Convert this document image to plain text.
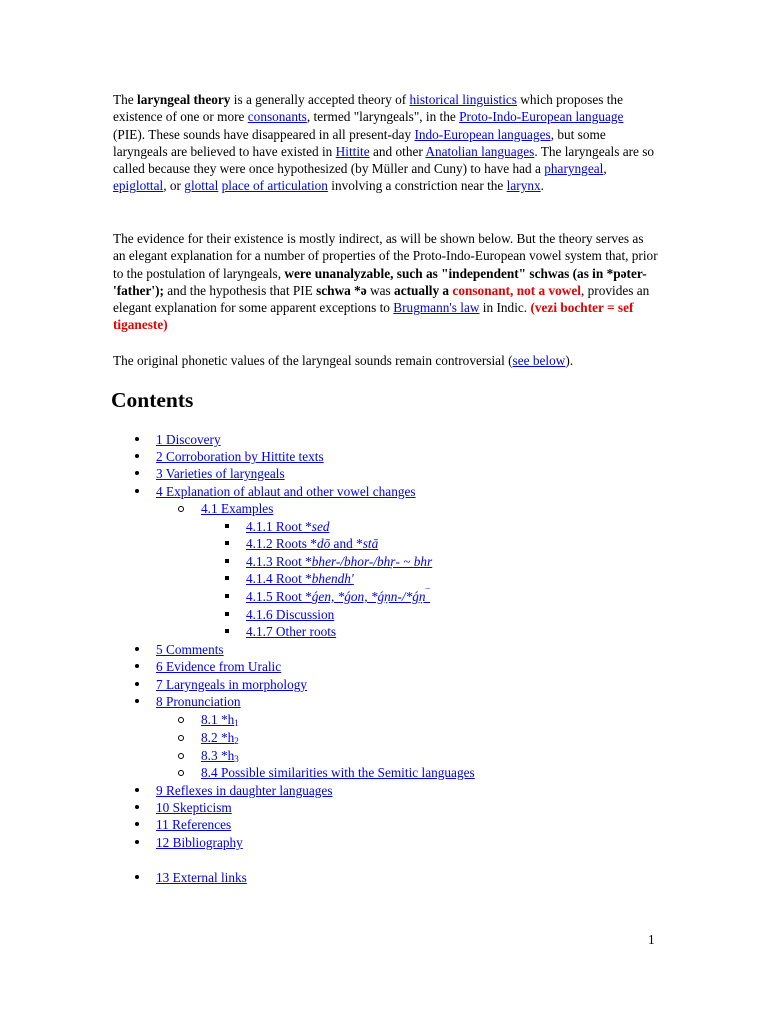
The laryngeal theory is a generally accepted theory of historical linguistics which proposes the existence of one or more consonants, termed "laryngeals", in the Proto-Indo-European language (PIE). These sounds have disappeared in all present-day Indo-European languages, but some laryngeals are believed to have existed in Hittite and other Anatolian languages. The laryngeals are so called because they were once hypothesized (by Müller and Cuny) to have had a pharyngeal, epiglottal, or glottal place of articulation involving a constriction near the larynx.
The evidence for their existence is mostly indirect, as will be shown below. But the theory serves as an elegant explanation for a number of properties of the Proto-Indo-European vowel system that, prior to the postulation of laryngeals, were unanalyzable, such as "independent" schwas (as in *pəter- 'father'); and the hypothesis that PIE schwa *ə was actually a consonant, not a vowel, provides an elegant explanation for some apparent exceptions to Brugmann's law in Indic. (vezi bochter = sef tiganeste)
The original phonetic values of the laryngeal sounds remain controversial (see below).
Contents
1 Discovery
2 Corroboration by Hittite texts
3 Varieties of laryngeals
4 Explanation of ablaut and other vowel changes
4.1 Examples
4.1.1 Root *sed
4.1.2 Roots *dō and *stā
4.1.3 Root *bher-/bhor-/bhṛ- ~ bhr
4.1.4 Root *bhendh'
4.1.5 Root *ǵen, *ǵon, *ǵṇn-/*ǵṇ¯
4.1.6 Discussion
4.1.7 Other roots
5 Comments
6 Evidence from Uralic
7 Laryngeals in morphology
8 Pronunciation
8.1 $*h_1$
8.2 $*h_2$
8.3 $*h_3$
8.4 Possible similarities with the Semitic languages
9 Reflexes in daughter languages
10 Skepticism
11 References
12 Bibliography
13 External links
1
